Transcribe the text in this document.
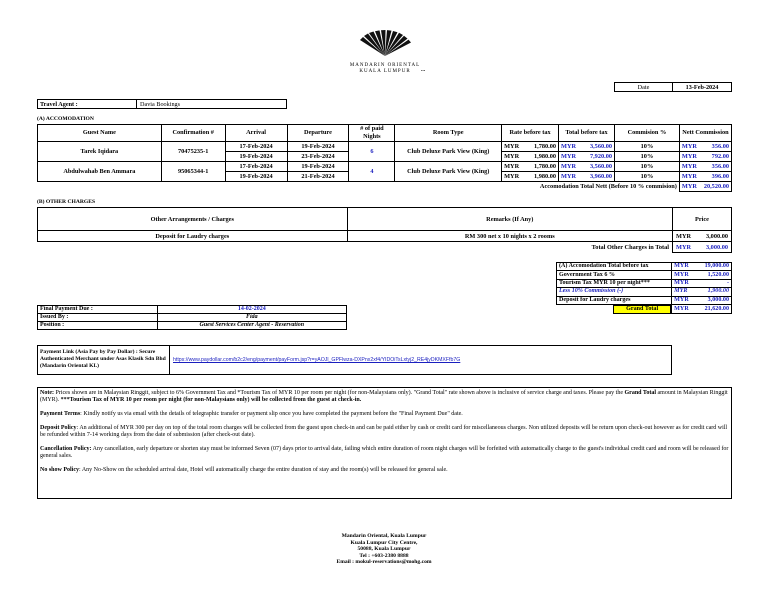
MANDARIN ORIENTAL
KUALA LUMPUR	...
Date	13-Feb-2024
Travel Agent :	Davia Bookings
(A) ACCOMODATION
Guest Name	Confirmation #	Arrival	Departure	# of paid Nights	Room Type	Rate before tax		Total before tax		Commision %	Nett Commission	
Tarek Iqidara	70475235-1	17-Feb-2024	19-Feb-2024	6	Club Deluxe Park View (King)	MYR	1,780.00	MYR	3,560.00	10%	MYR	356.00
		19-Feb-2024	23-Feb-2024			MYR	1,980.00	MYR	7,920.00	10%	MYR	792.00
Abdulwahab Ben Ammara	95065344-1	17-Feb-2024	19-Feb-2024	4	Club Deluxe Park View (King)	MYR	1,780.00	MYR	3,560.00	10%	MYR	356.00
		19-Feb-2024	21-Feb-2024			MYR	1,980.00	MYR	3,960.00	10%	MYR	396.00
Accomodation Total Nett (Before 10 % commision)											MYR	20,520.00
(B) OTHER CHARGES
Other Arrangements / Charges	Remarks (If Any)	Price	
Deposit for Laudry charges	RM 300 net x 10 nights x 2 rooms	MYR	3,000.00
Total Other Charges in Total		MYR	3,000.00
(A) Accomodation Total before tax	MYR	19,000.00
Government Tax 6 %	MYR	1,520.00
Tourism Tax MYR 10 per night***	MYR	-
Less 10% Commission (-)	MYR	1,900.00
Deposit for Laudry charges	MYR	3,000.00
Grand Total	MYR	21,620.00
Final Payment Due :	14-02-2024
Issued By :	Fida
Position :	Guest Services Center Agent - Reservation
Payment Link (Asia Pay by Pay Dollar) : Secure Authenticated Merchant under Asas Klasik Sdn Bhd (Mandarin Oriental KL)
https://www.paydollar.com/b2c2/eng/payment/payForm.jsp?r=yAOJl_GPFlwza-DXPnx2xf4/YIDOiTsLxtyj2_RE4jyDKMXFfb7G

Note: Prices shown are in Malaysian Ringgit, subject to 6% Government Tax and *Tourism Tax of MYR 10 per room per night (for non-Malaysians only). "Grand Total" rate shown above is inclusive of service charge and taxes. Please pay the Grand Total amount in Malaysian Ringgit (MYR). ***Tourism Tax of MYR 10 per room per night (for non-Malaysians only) will be collected from the guest at check-in.

Payment Terms: Kindly notify us via email with the details of telegraphic transfer or payment slip once you have completed the payment before the "Final Payment Due" date.

Deposit Policy: An additional of MYR 300 per day on top of the total room charges will be collected from the guest upon check-in and can be paid either by cash or credit card for miscellaneous charges. Non utilized deposits will be return upon check-out however as for credit card will be refunded within 7-14 working days from the date of submission (after check-out date).

Cancellation Policy: Any cancellation, early departure or shorten stay must be informed Seven (07) days prior to arrival date, failing which entire duration of room night charges will be forfeited with automatically charge to the guest's individual credit card and room will be released for general sales.

No show Policy: Any No-Show on the scheduled arrival date, Hotel will automatically charge the entire duration of stay and the room(s) will be released for general sale.

Mandarin Oriental, Kuala Lumpur
Kuala Lumpur City Centre,
50088, Kuala Lumpur
Tel : +603-2380 8888
Email : mokul-reservations@mohg.com
